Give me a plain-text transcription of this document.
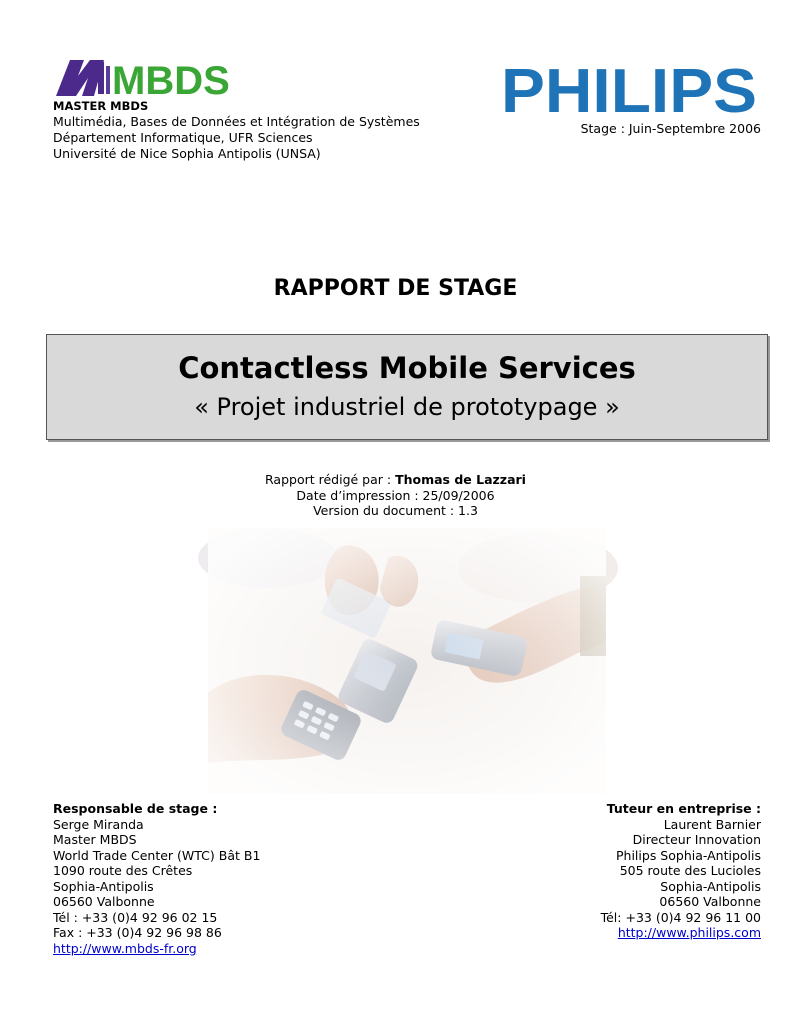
MBDS
MASTER MBDS
Multimédia, Bases de Données et Intégration de Systèmes
Département Informatique, UFR Sciences
Université de Nice Sophia Antipolis (UNSA)
PHILIPS
Stage : Juin-Septembre 2006
RAPPORT DE STAGE
Contactless Mobile Services
« Projet industriel de prototypage »
Rapport rédigé par : Thomas de Lazzari
Date d’impression : 25/09/2006
Version du document : 1.3
Responsable de stage :
Serge Miranda
Master MBDS
World Trade Center (WTC) Bât B1
1090 route des Crêtes
Sophia-Antipolis
06560 Valbonne
Tél : +33 (0)4 92 96 02 15
Fax : +33 (0)4 92 96 98 86
http://www.mbds-fr.org
Tuteur en entreprise :
Laurent Barnier
Directeur Innovation
Philips Sophia-Antipolis
505 route des Lucioles
Sophia-Antipolis
06560 Valbonne
Tél: +33 (0)4 92 96 11 00
http://www.philips.com
